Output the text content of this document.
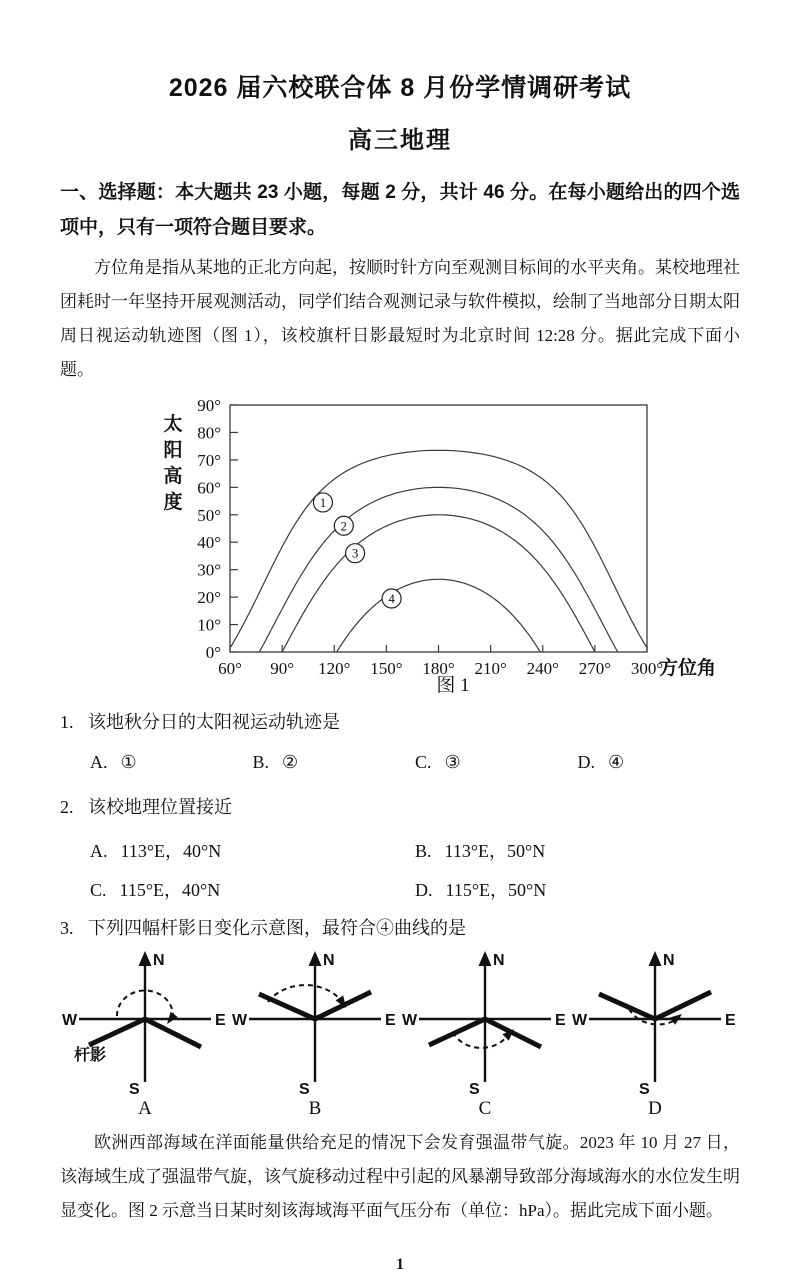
2026 届六校联合体 8 月份学情调研考试
高三地理
一、选择题：本大题共 23 小题，每题 2 分，共计 46 分。在每小题给出的四个选项中，只有一项符合题目要求。
方位角是指从某地的正北方向起，按顺时针方向至观测目标间的水平夹角。某校地理社团耗时一年坚持开展观测活动，同学们结合观测记录与软件模拟，绘制了当地部分日期太阳周日视运动轨迹图（图 1），该校旗杆日影最短时为北京时间 12:28 分。据此完成下面小题。
60° 90° 120° 150° 180° 210° 240° 270° 300°
0°
10°
20°
30°
40°
50°
60°
70°
80°
90°
太
阳
高
度
方位角
1
2
3
4
图 1
1. 该地秋分日的太阳视运动轨迹是
A. ①	B. ②	C. ③	D. ④
2. 该校地理位置接近
A. 113°E，40°N	B. 113°E，50°N
C. 115°E，40°N	D. 115°E，50°N
3. 下列四幅杆影日变化示意图，最符合④曲线的是
N
W	E
S
杆影
N
W	E
S
N
W	E
S
N
W	E
S
A	B	C	D
欧洲西部海域在洋面能量供给充足的情况下会发育强温带气旋。2023 年 10 月 27 日，该海域生成了强温带气旋，该气旋移动过程中引起的风暴潮导致部分海域海水的水位发生明显变化。图 2 示意当日某时刻该海域海平面气压分布（单位：hPa）。据此完成下面小题。
1
